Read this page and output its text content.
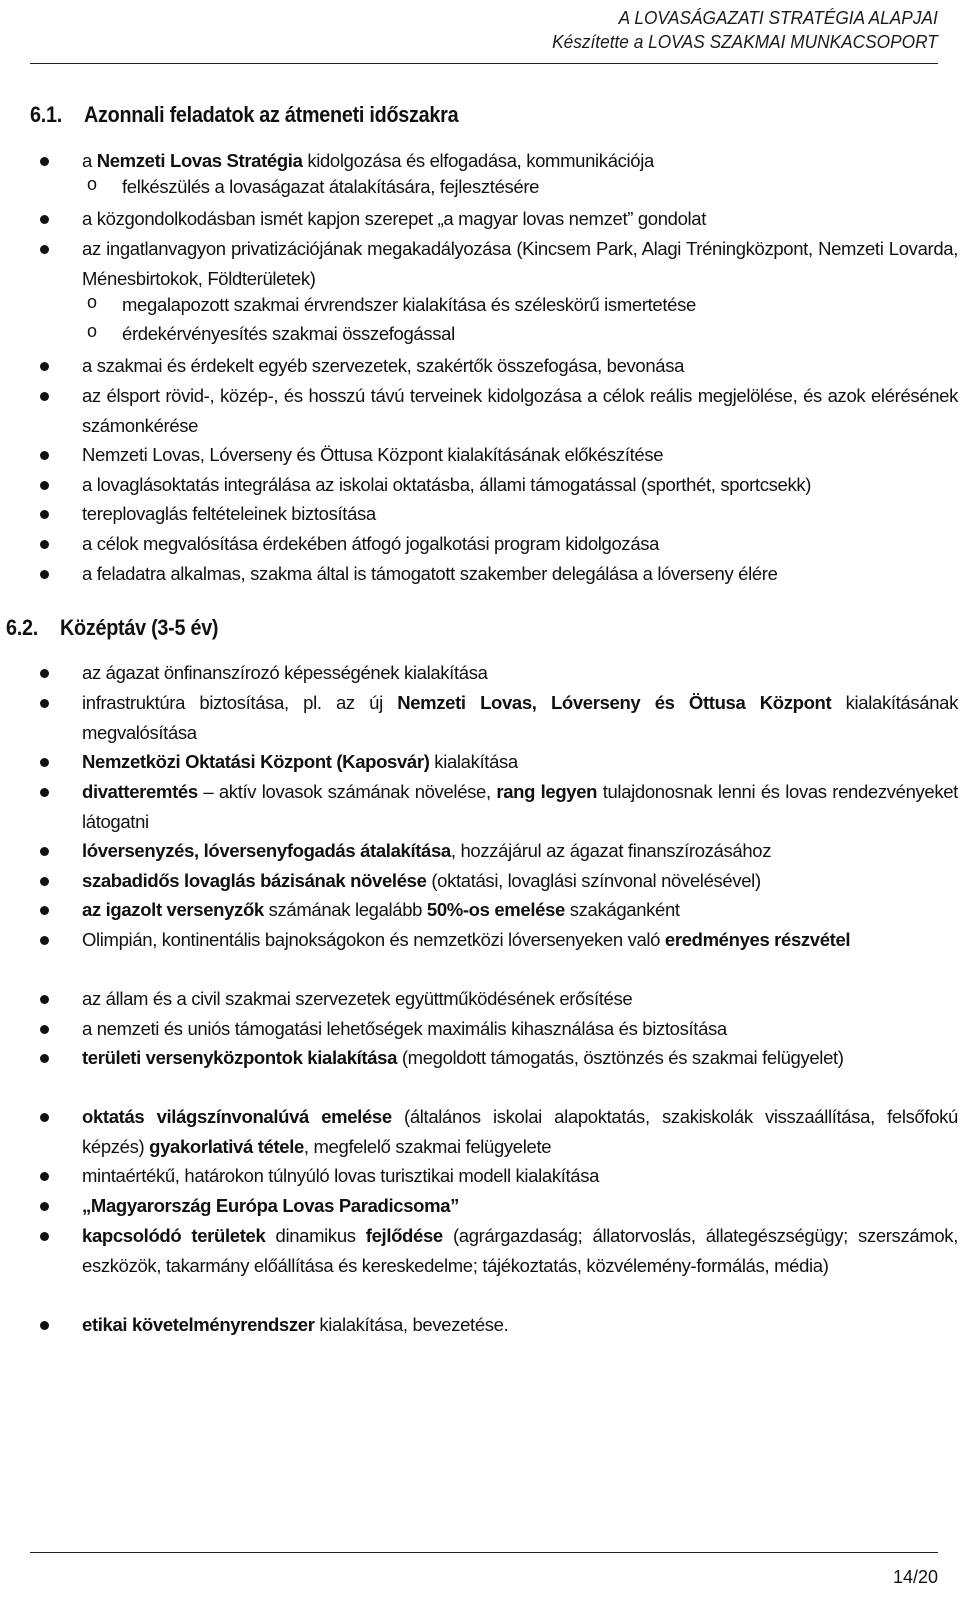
A LOVASÁGAZATI STRATÉGIA ALAPJAI
Készítette a LOVAS SZAKMAI MUNKACSOPORT
6.1. Azonnali feladatok az átmeneti időszakra
a Nemzeti Lovas Stratégia kidolgozása és elfogadása, kommunikációja
o felkészülés a lovaságazat átalakítására, fejlesztésére
a közgondolkodásban ismét kapjon szerepet „a magyar lovas nemzet” gondolat
az ingatlanvagyon privatizációjának megakadályozása (Kincsem Park, Alagi Tréningközpont, Nemzeti Lovarda, Ménesbirtokok, Földterületek)
o megalapozott szakmai érvrendszer kialakítása és széleskörű ismertetése
o érdekérvényesítés szakmai összefogással
a szakmai és érdekelt egyéb szervezetek, szakértők összefogása, bevonása
az élsport rövid-, közép-, és hosszú távú terveinek kidolgozása a célok reális megjelölése, és azok elérésének számonkérése
Nemzeti Lovas, Lóverseny és Öttusa Központ kialakításának előkészítése
a lovaglásoktatás integrálása az iskolai oktatásba, állami támogatással (sporthét, sportcsekk)
tereplovaglás feltételeinek biztosítása
a célok megvalósítása érdekében átfogó jogalkotási program kidolgozása
a feladatra alkalmas, szakma által is támogatott szakember delegálása a lóverseny élére
6.2. Középtáv (3-5 év)
az ágazat önfinanszírozó képességének kialakítása
infrastruktúra biztosítása, pl. az új Nemzeti Lovas, Lóverseny és Öttusa Központ kialakításának megvalósítása
Nemzetközi Oktatási Központ (Kaposvár) kialakítása
divatteremtés – aktív lovasok számának növelése, rang legyen tulajdonosnak lenni és lovas rendezvényeket látogatni
lóversenyzés, lóversenyfogadás átalakítása, hozzájárul az ágazat finanszírozásához
szabadidős lovaglás bázisának növelése (oktatási, lovaglási színvonal növelésével)
az igazolt versenyzők számának legalább 50%-os emelése szakáganként
Olimpián, kontinentális bajnokságokon és nemzetközi lóversenyeken való eredményes részvétel
az állam és a civil szakmai szervezetek együttműködésének erősítése
a nemzeti és uniós támogatási lehetőségek maximális kihasználása és biztosítása
területi versenyközpontok kialakítása (megoldott támogatás, ösztönzés és szakmai felügyelet)
oktatás világszínvonalúvá emelése (általános iskolai alapoktatás, szakiskolák visszaállítása, felsőfokú képzés) gyakorlativá tétele, megfelelő szakmai felügyelete
mintaértékű, határokon túlnyúló lovas turisztikai modell kialakítása
„Magyarország Európa Lovas Paradicsoma”
kapcsolódó területek dinamikus fejlődése (agrárgazdaság; állatorvoslás, állategészségügy; szerszámok, eszközök, takarmány előállítása és kereskedelme; tájékoztatás, közvélemény-formálás, média)
etikai követelményrendszer kialakítása, bevezetése.
14/20
